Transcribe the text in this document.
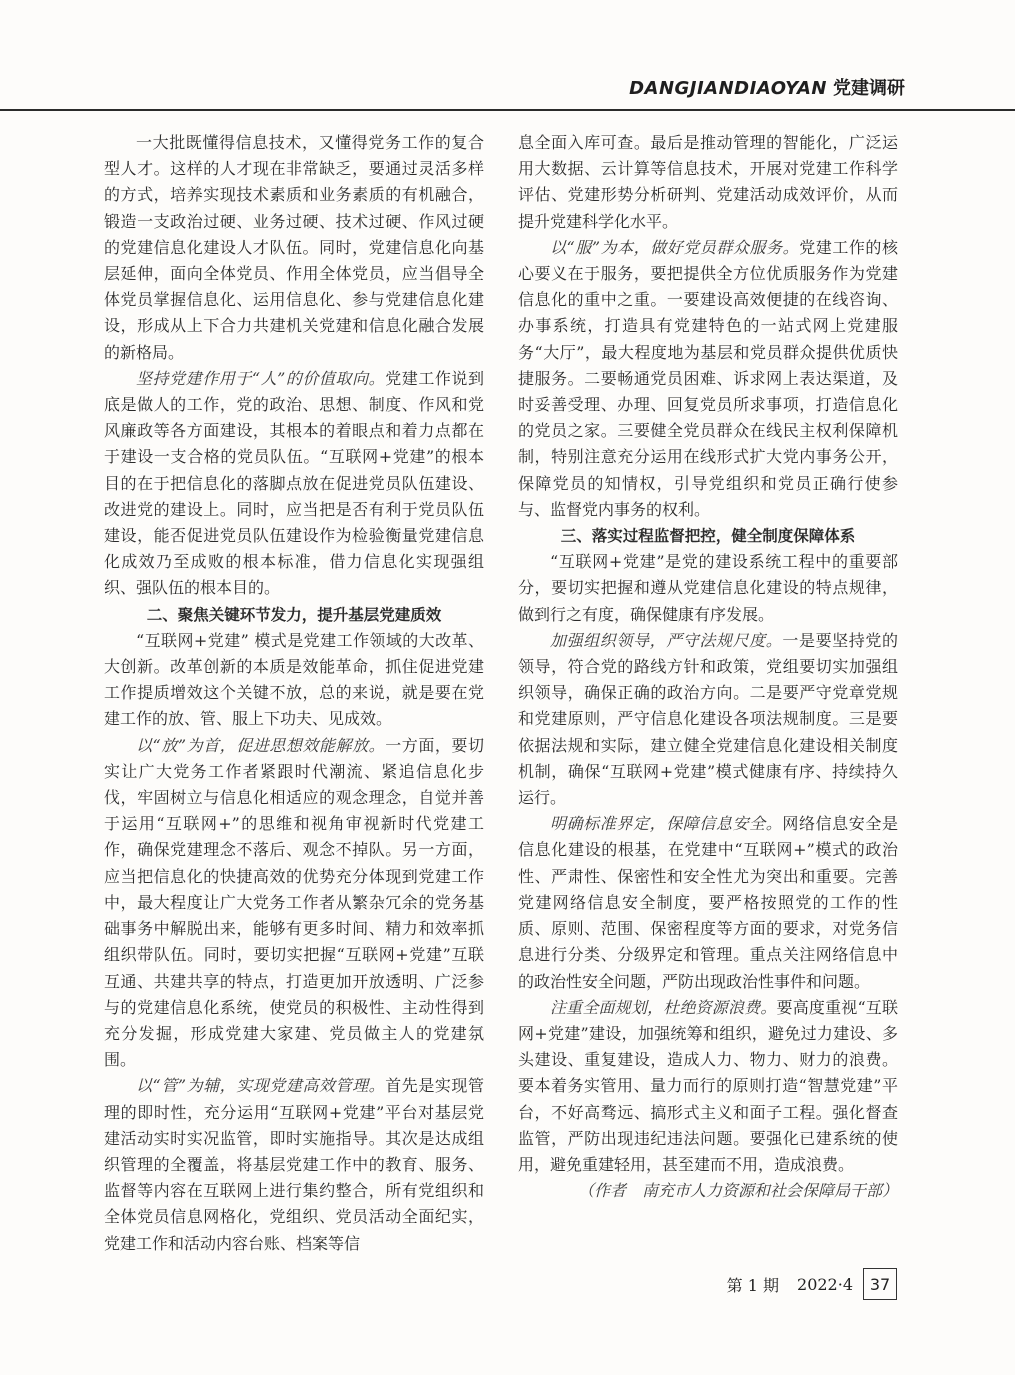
DANGJIANDIAOYAN 党建调研

一大批既懂得信息技术，又懂得党务工作的复合型人才。这样的人才现在非常缺乏，要通过灵活多样的方式，培养实现技术素质和业务素质的有机融合，锻造一支政治过硬、业务过硬、技术过硬、作风过硬的党建信息化建设人才队伍。同时，党建信息化向基层延伸，面向全体党员、作用全体党员，应当倡导全体党员掌握信息化、运用信息化、参与党建信息化建设，形成从上下合力共建机关党建和信息化融合发展的新格局。

坚持党建作用于“人”的价值取向。党建工作说到底是做人的工作，党的政治、思想、制度、作风和党风廉政等各方面建设，其根本的着眼点和着力点都在于建设一支合格的党员队伍。“互联网+党建”的根本目的在于把信息化的落脚点放在促进党员队伍建设、改进党的建设上。同时，应当把是否有利于党员队伍建设，能否促进党员队伍建设作为检验衡量党建信息化成效乃至成败的根本标准，借力信息化实现强组织、强队伍的根本目的。

二、聚焦关键环节发力，提升基层党建质效

“互联网+党建” 模式是党建工作领域的大改革、大创新。改革创新的本质是效能革命，抓住促进党建工作提质增效这个关键不放，总的来说，就是要在党建工作的放、管、服上下功夫、见成效。

以“放”为首，促进思想效能解放。一方面，要切实让广大党务工作者紧跟时代潮流、紧追信息化步伐，牢固树立与信息化相适应的观念理念，自觉并善于运用“互联网+”的思维和视角审视新时代党建工作，确保党建理念不落后、观念不掉队。另一方面，应当把信息化的快捷高效的优势充分体现到党建工作中，最大程度让广大党务工作者从繁杂冗余的党务基础事务中解脱出来，能够有更多时间、精力和效率抓组织带队伍。同时，要切实把握“互联网+党建”互联互通、共建共享的特点，打造更加开放透明、广泛参与的党建信息化系统，使党员的积极性、主动性得到充分发掘，形成党建大家建、党员做主人的党建氛围。

以“管”为辅，实现党建高效管理。首先是实现管理的即时性，充分运用“互联网+党建”平台对基层党建活动实时实况监管，即时实施指导。其次是达成组织管理的全覆盖，将基层党建工作中的教育、服务、监督等内容在互联网上进行集约整合，所有党组织和全体党员信息网格化，党组织、党员活动全面纪实，党建工作和活动内容台账、档案等信

息全面入库可查。最后是推动管理的智能化，广泛运用大数据、云计算等信息技术，开展对党建工作科学评估、党建形势分析研判、党建活动成效评价，从而提升党建科学化水平。

以“服”为本，做好党员群众服务。党建工作的核心要义在于服务，要把提供全方位优质服务作为党建信息化的重中之重。一要建设高效便捷的在线咨询、办事系统，打造具有党建特色的一站式网上党建服务“大厅”，最大程度地为基层和党员群众提供优质快捷服务。二要畅通党员困难、诉求网上表达渠道，及时妥善受理、办理、回复党员所求事项，打造信息化的党员之家。三要健全党员群众在线民主权利保障机制，特别注意充分运用在线形式扩大党内事务公开，保障党员的知情权，引导党组织和党员正确行使参与、监督党内事务的权利。

三、落实过程监督把控，健全制度保障体系

“互联网+党建”是党的建设系统工程中的重要部分，要切实把握和遵从党建信息化建设的特点规律，做到行之有度，确保健康有序发展。

加强组织领导，严守法规尺度。一是要坚持党的领导，符合党的路线方针和政策，党组要切实加强组织领导，确保正确的政治方向。二是要严守党章党规和党建原则，严守信息化建设各项法规制度。三是要依据法规和实际，建立健全党建信息化建设相关制度机制，确保“互联网+党建”模式健康有序、持续持久运行。

明确标准界定，保障信息安全。网络信息安全是信息化建设的根基，在党建中“互联网+”模式的政治性、严肃性、保密性和安全性尤为突出和重要。完善党建网络信息安全制度，要严格按照党的工作的性质、原则、范围、保密程度等方面的要求，对党务信息进行分类、分级界定和管理。重点关注网络信息中的政治性安全问题，严防出现政治性事件和问题。

注重全面规划，杜绝资源浪费。要高度重视“互联网+党建”建设，加强统筹和组织，避免过力建设、多头建设、重复建设，造成人力、物力、财力的浪费。要本着务实管用、量力而行的原则打造“智慧党建”平台，不好高骛远、搞形式主义和面子工程。强化督查监管，严防出现违纪违法问题。要强化已建系统的使用，避免重建轻用，甚至建而不用，造成浪费。

（作者　南充市人力资源和社会保障局干部）

第 1 期 2022·4	37
